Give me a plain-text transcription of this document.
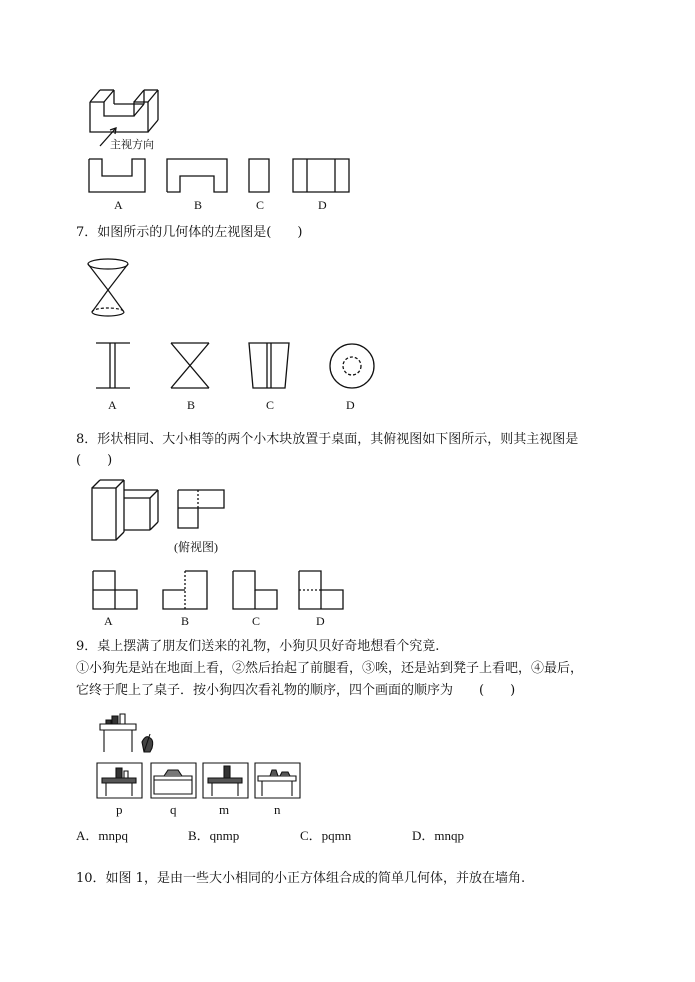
主视方向
A	B	C	D
7．如图所示的几何体的左视图是(　　)
A	B	C	D
8．形状相同、大小相等的两个小木块放置于桌面，其俯视图如下图所示，则其主视图是
(　　)
(俯视图)
A	B	C	D
9．桌上摆满了朋友们送来的礼物，小狗贝贝好奇地想看个究竟.
①小狗先是站在地面上看，②然后抬起了前腿看，③唉，还是站到凳子上看吧，④最后，
它终于爬上了桌子．按小狗四次看礼物的顺序，四个画面的顺序为　　(　　)
p	q	m	n
A．mnpq	B．qnmp	C．pqmn	D．mnqp
10．如图 1，是由一些大小相同的小正方体组合成的简单几何体，并放在墙角.
